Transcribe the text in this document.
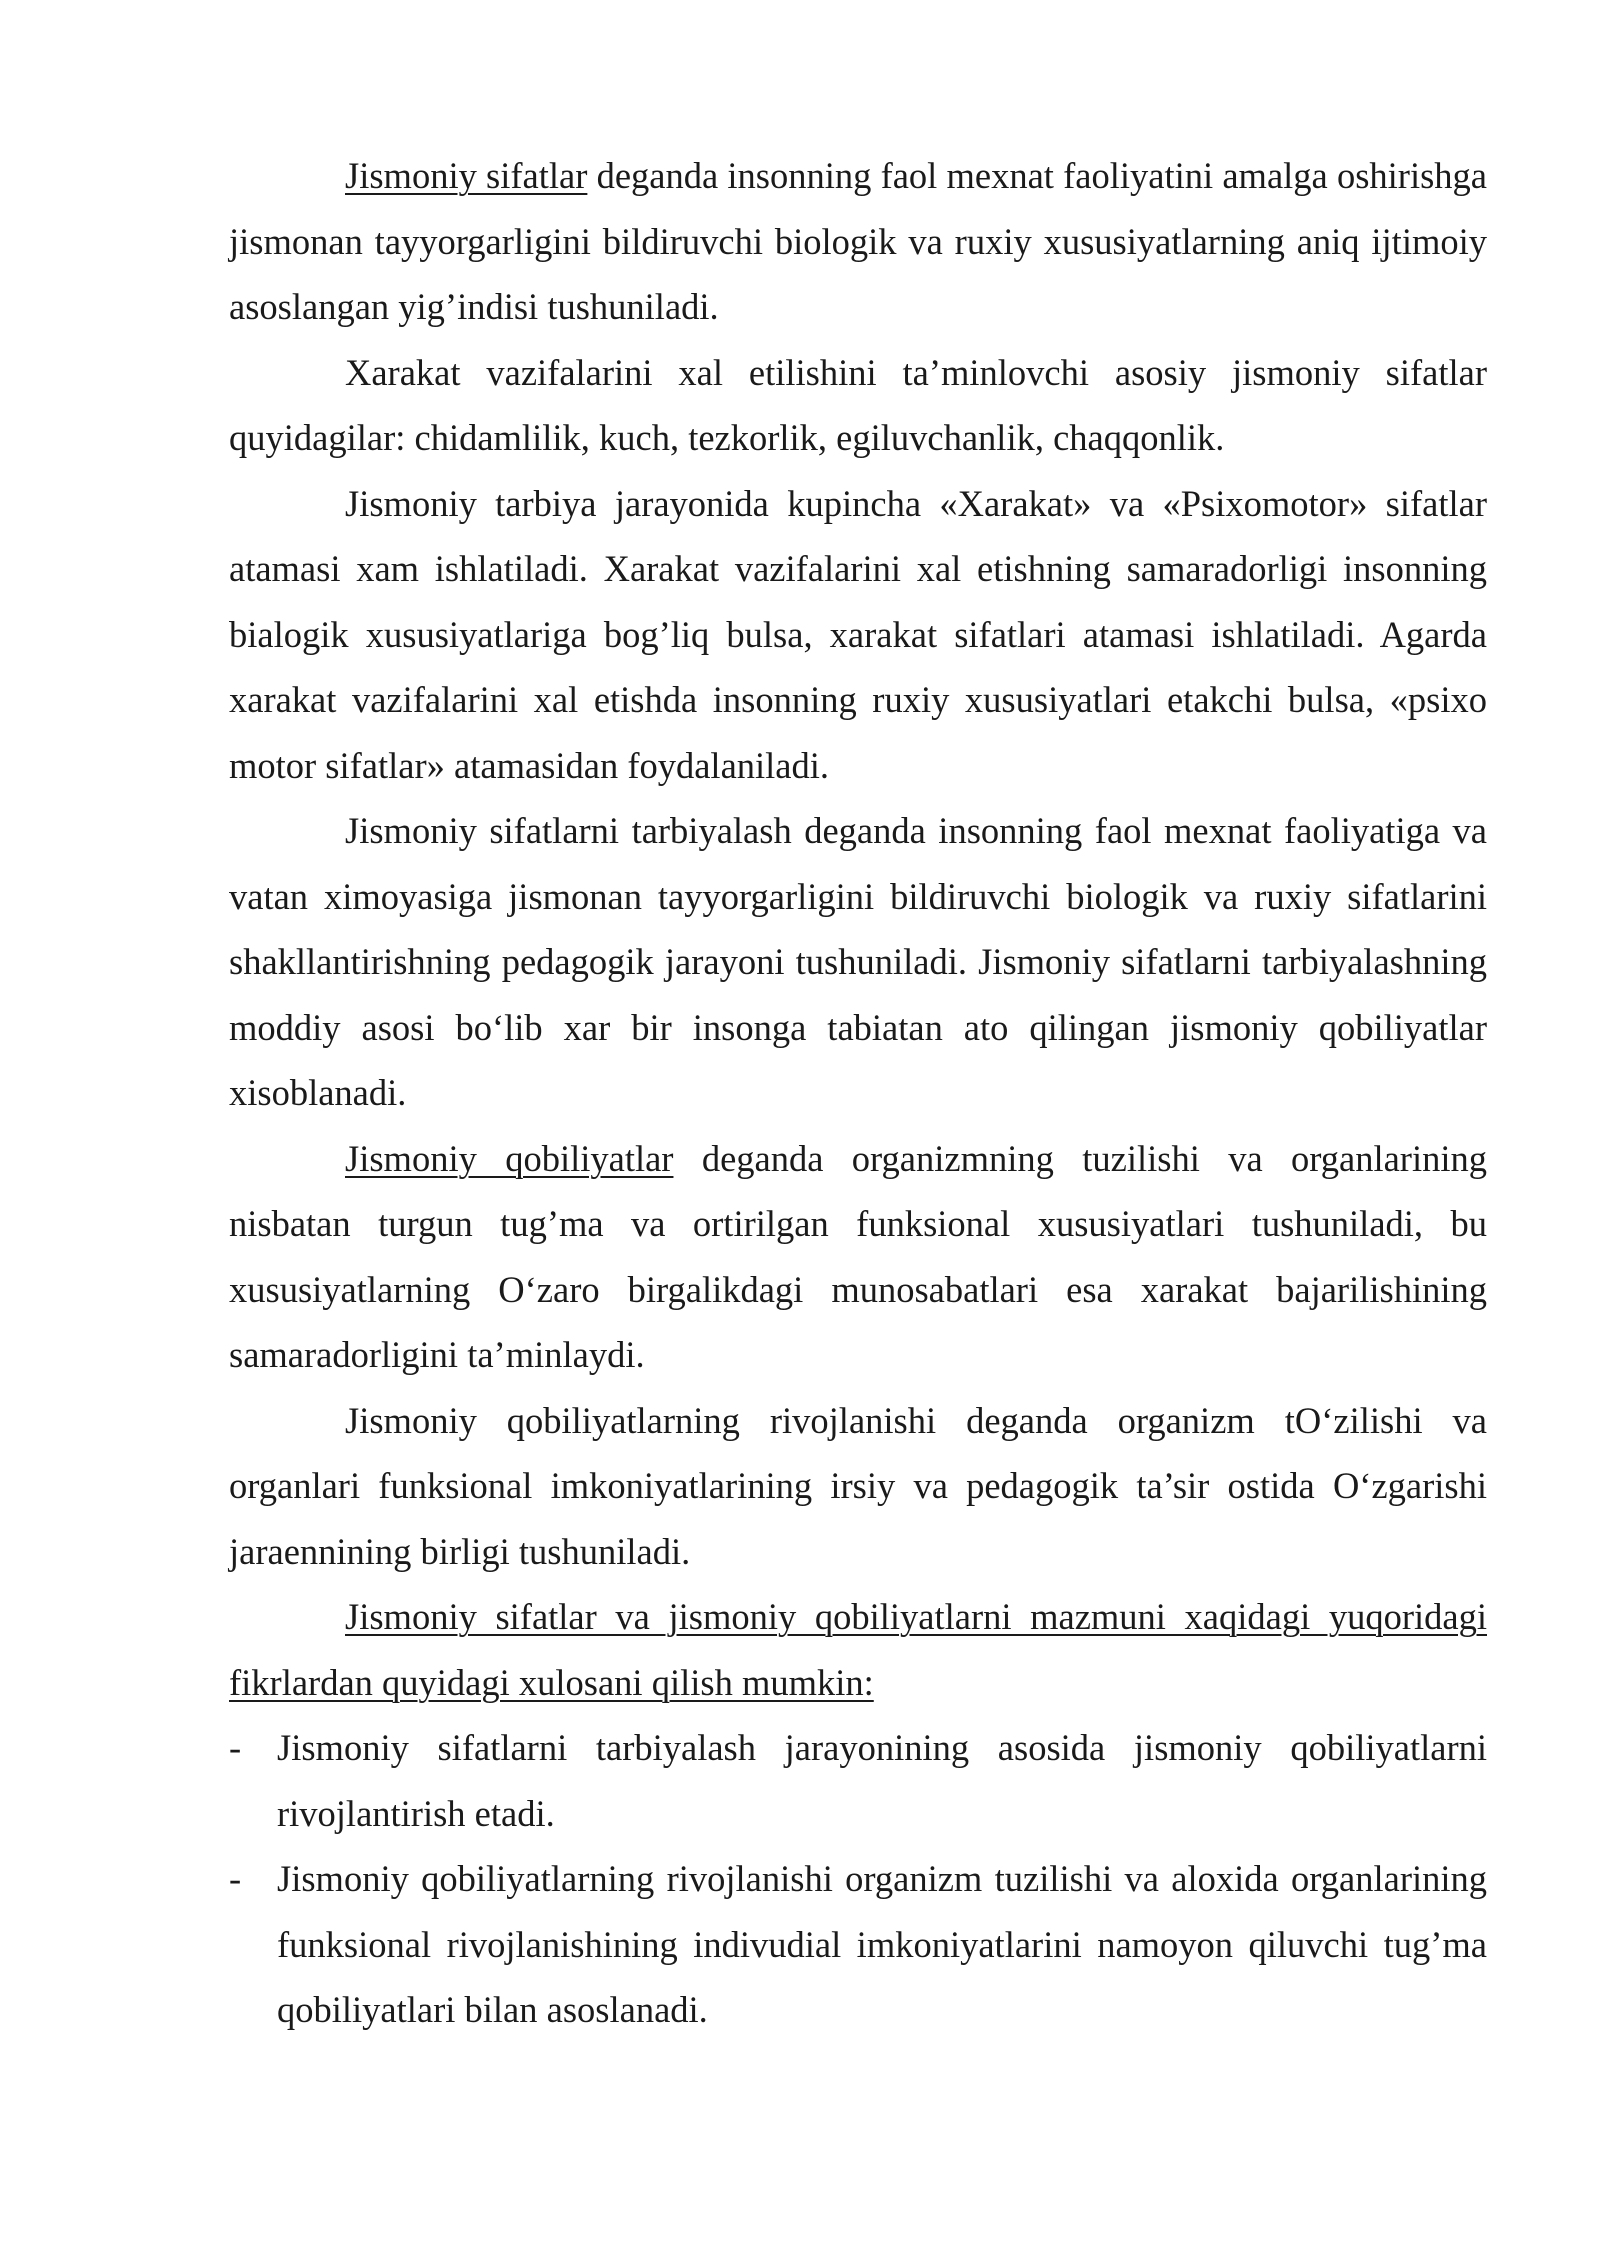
Jismoniy sifatlar deganda insonning faol mexnat faoliyatini amalga oshirishga jismonan tayyorgarligini bildiruvchi biologik va ruxiy xususiyatlarning aniq ijtimoiy asoslangan yig’indisi tushuniladi.

Xarakat vazifalarini xal etilishini ta’minlovchi asosiy jismoniy sifatlar quyidagilar: chidamlilik, kuch, tezkorlik, egiluvchanlik, chaqqonlik.

Jismoniy tarbiya jarayonida kupincha «Xarakat» va «Psixomotor» sifatlar atamasi xam ishlatiladi. Xarakat vazifalarini xal etishning samaradorligi insonning bialogik xususiyatlariga bog’liq bulsa, xarakat sifatlari atamasi ishlatiladi. Agarda xarakat vazifalarini xal etishda insonning ruxiy xususiyatlari etakchi bulsa, «psixo motor sifatlar» atamasidan foydalaniladi.

Jismoniy sifatlarni tarbiyalash deganda insonning faol mexnat faoliyatiga va vatan ximoyasiga jismonan tayyorgarligini bildiruvchi biologik va ruxiy sifatlarini shakllantirishning pedagogik jarayoni tushuniladi. Jismoniy sifatlarni tarbiyalashning moddiy asosi bo‘lib xar bir insonga tabiatan ato qilingan jismoniy qobiliyatlar xisoblanadi.

Jismoniy qobiliyatlar deganda organizmning tuzilishi va organlarining nisbatan turgun tug’ma va ortirilgan funksional xususiyatlari tushuniladi, bu xususiyatlarning O‘zaro birgalikdagi munosabatlari esa xarakat bajarilishining samaradorligini ta’minlaydi.

Jismoniy qobiliyatlarning rivojlanishi deganda organizm tO‘zilishi va organlari funksional imkoniyatlarining irsiy va pedagogik ta’sir ostida O‘zgarishi jaraennining birligi tushuniladi.

Jismoniy sifatlar va jismoniy qobiliyatlarni mazmuni xaqidagi yuqoridagi fikrlardan quyidagi xulosani qilish mumkin:

- Jismoniy sifatlarni tarbiyalash jarayonining asosida jismoniy qobiliyatlarni rivojlantirish etadi.
- Jismoniy qobiliyatlarning rivojlanishi organizm tuzilishi va aloxida organlarining funksional rivojlanishining indivudial imkoniyatlarini namoyon qiluvchi tug’ma qobiliyatlari bilan asoslanadi.
